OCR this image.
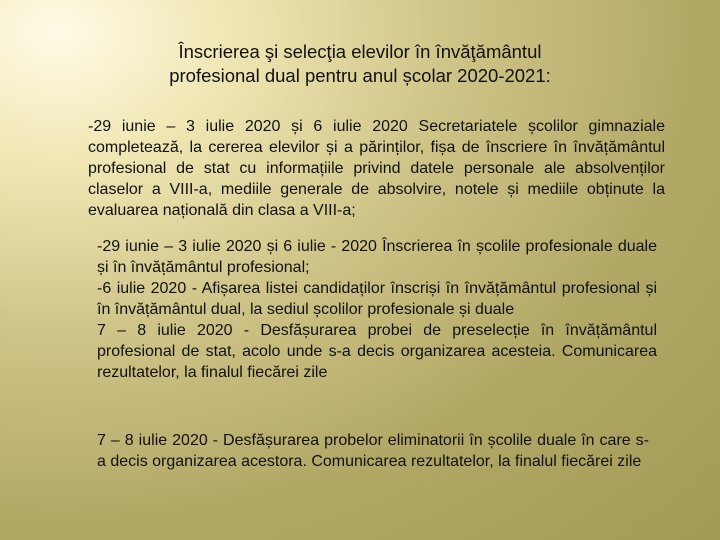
Înscrierea şi selecţia elevilor în învăţământul
profesional dual pentru anul școlar 2020-2021:
-29 iunie – 3 iulie 2020 și 6 iulie 2020 Secretariatele școlilor gimnaziale completează, la cererea elevilor și a părinților, fișa de înscriere în învățământul profesional de stat cu informațiile privind datele personale ale absolvenților claselor a VIII-a, mediile generale de absolvire, notele și mediile obținute la evaluarea națională din clasa a VIII-a;
-29 iunie – 3 iulie 2020 și 6 iulie - 2020 Înscrierea în școlile profesionale duale și în învățământul profesional;
-6 iulie 2020 - Afișarea listei candidaților înscriși în învățământul profesional și în învățământul dual, la sediul școlilor profesionale și duale
7 – 8 iulie 2020 - Desfășurarea probei de preselecție în învățământul profesional de stat, acolo unde s-a decis organizarea acesteia. Comunicarea rezultatelor, la finalul fiecărei zile
7 – 8 iulie 2020 - Desfășurarea probelor eliminatorii în școlile duale în care s-a decis organizarea acestora. Comunicarea rezultatelor, la finalul fiecărei zile
